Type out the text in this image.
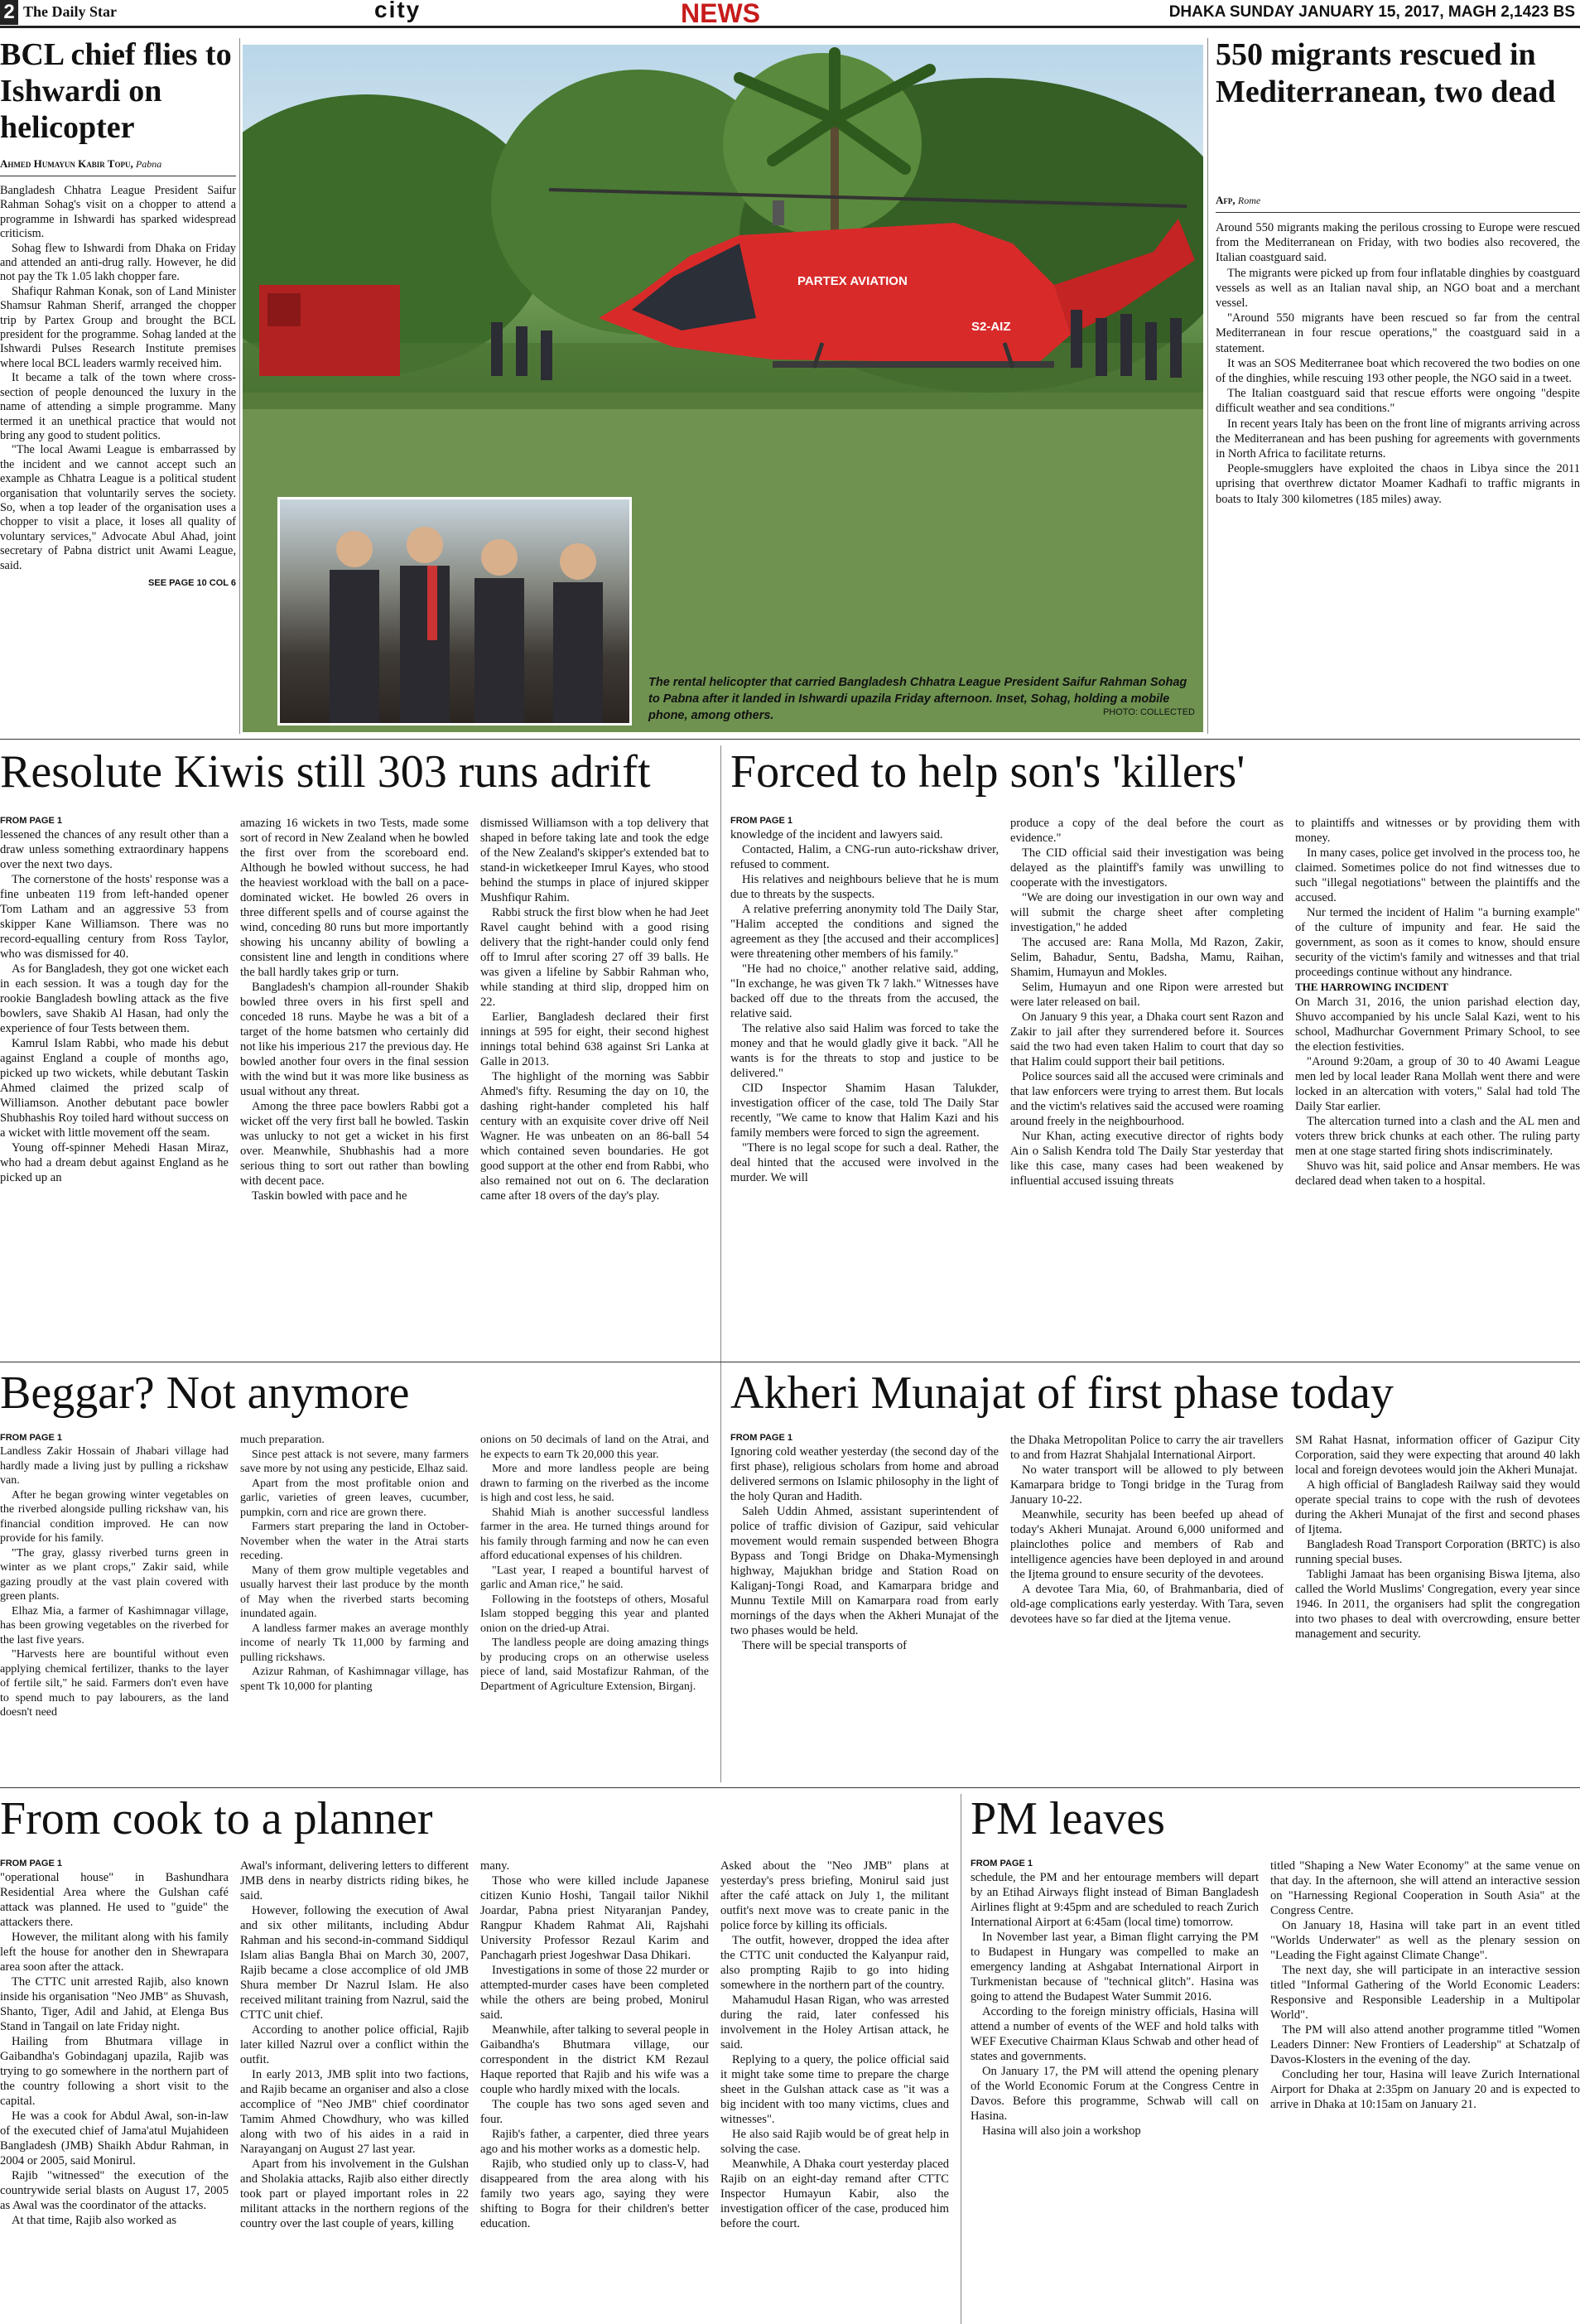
2 The Daily Star	city	NEWS	DHAKA SUNDAY JANUARY 15, 2017, MAGH 2,1423 BS
BCL chief flies to Ishwardi on helicopter
Ahmed Humayun Kabir Topu, Pabna

Bangladesh Chhatra League President Saifur Rahman Sohag's visit on a chopper to attend a programme in Ishwardi has sparked widespread criticism.

Sohag flew to Ishwardi from Dhaka on Friday and attended an anti-drug rally. However, he did not pay the Tk 1.05 lakh chopper fare.

Shafiqur Rahman Konak, son of Land Minister Shamsur Rahman Sherif, arranged the chopper trip by Partex Group and brought the BCL president for the programme. Sohag landed at the Ishwardi Pulses Research Institute premises where local BCL leaders warmly received him.

It became a talk of the town where cross-section of people denounced the luxury in the name of attending a simple programme. Many termed it an unethical practice that would not bring any good to student politics.

"The local Awami League is embarrassed by the incident and we cannot accept such an example as Chhatra League is a political student organisation that voluntarily serves the society. So, when a top leader of the organisation uses a chopper to visit a place, it loses all quality of voluntary services," Advocate Abul Ahad, joint secretary of Pabna district unit Awami League, said.

SEE PAGE 10 COL 6
PARTEX AVIATION
S2-AIZ
The rental helicopter that carried Bangladesh Chhatra League President Saifur Rahman Sohag to Pabna after it landed in Ishwardi upazila Friday afternoon. Inset, Sohag, holding a mobile phone, among others.	PHOTO: COLLECTED
550 migrants rescued in Mediterranean, two dead
Afp, Rome

Around 550 migrants making the perilous crossing to Europe were rescued from the Mediterranean on Friday, with two bodies also recovered, the Italian coastguard said.

The migrants were picked up from four inflatable dinghies by coastguard vessels as well as an Italian naval ship, an NGO boat and a merchant vessel.

"Around 550 migrants have been rescued so far from the central Mediterranean in four rescue operations," the coastguard said in a statement.

It was an SOS Mediterranee boat which recovered the two bodies on one of the dinghies, while rescuing 193 other people, the NGO said in a tweet.

The Italian coastguard said that rescue efforts were ongoing "despite difficult weather and sea conditions."

In recent years Italy has been on the front line of migrants arriving across the Mediterranean and has been pushing for agreements with governments in North Africa to facilitate returns.

People-smugglers have exploited the chaos in Libya since the 2011 uprising that overthrew dictator Moamer Kadhafi to traffic migrants in boats to Italy 300 kilometres (185 miles) away.

Resolute Kiwis still 303 runs adrift
FROM PAGE 1

lessened the chances of any result other than a draw unless something extraordinary happens over the next two days.

The cornerstone of the hosts' response was a fine unbeaten 119 from left-handed opener Tom Latham and an aggressive 53 from skipper Kane Williamson. There was no record-equalling century from Ross Taylor, who was dismissed for 40.

As for Bangladesh, they got one wicket each in each session. It was a tough day for the rookie Bangladesh bowling attack as the five bowlers, save Shakib Al Hasan, had only the experience of four Tests between them.

Kamrul Islam Rabbi, who made his debut against England a couple of months ago, picked up two wickets, while debutant Taskin Ahmed claimed the prized scalp of Williamson. Another debutant pace bowler Shubhashis Roy toiled hard without success on a wicket with little movement off the seam.

Young off-spinner Mehedi Hasan Miraz, who had a dream debut against England as he picked up an

amazing 16 wickets in two Tests, made some sort of record in New Zealand when he bowled the first over from the scoreboard end. Although he bowled without success, he had the heaviest workload with the ball on a pace-dominated wicket. He bowled 26 overs in three different spells and of course against the wind, conceding 80 runs but more importantly showing his uncanny ability of bowling a consistent line and length in conditions where the ball hardly takes grip or turn.

Bangladesh's champion all-rounder Shakib bowled three overs in his first spell and conceded 18 runs. Maybe he was a bit of a target of the home batsmen who certainly did not like his imperious 217 the previous day. He bowled another four overs in the final session with the wind but it was more like business as usual without any threat.

Among the three pace bowlers Rabbi got a wicket off the very first ball he bowled. Taskin was unlucky to not get a wicket in his first over. Meanwhile, Shubhashis had a more serious thing to sort out rather than bowling with decent pace.

Taskin bowled with pace and he

dismissed Williamson with a top delivery that shaped in before taking late and took the edge of the New Zealand's skipper's extended bat to stand-in wicketkeeper Imrul Kayes, who stood behind the stumps in place of injured skipper Mushfiqur Rahim.

Rabbi struck the first blow when he had Jeet Ravel caught behind with a good rising delivery that the right-hander could only fend off to Imrul after scoring 27 off 39 balls. He was given a lifeline by Sabbir Rahman who, while standing at third slip, dropped him on 22.

Earlier, Bangladesh declared their first innings at 595 for eight, their second highest innings total behind 638 against Sri Lanka at Galle in 2013.

The highlight of the morning was Sabbir Ahmed's fifty. Resuming the day on 10, the dashing right-hander completed his half century with an exquisite cover drive off Neil Wagner. He was unbeaten on an 86-ball 54 which contained seven boundaries. He got good support at the other end from Rabbi, who also remained not out on 6. The declaration came after 18 overs of the day's play.

Forced to help son's 'killers'
FROM PAGE 1

knowledge of the incident and lawyers said.

Contacted, Halim, a CNG-run auto-rickshaw driver, refused to comment.

His relatives and neighbours believe that he is mum due to threats by the suspects.

A relative preferring anonymity told The Daily Star, "Halim accepted the conditions and signed the agreement as they [the accused and their accomplices] were threatening other members of his family."

"He had no choice," another relative said, adding, "In exchange, he was given Tk 7 lakh." Witnesses have backed off due to the threats from the accused, the relative said.

The relative also said Halim was forced to take the money and that he would gladly give it back. "All he wants is for the threats to stop and justice to be delivered."

CID Inspector Shamim Hasan Talukder, investigation officer of the case, told The Daily Star recently, "We came to know that Halim Kazi and his family members were forced to sign the agreement.

"There is no legal scope for such a deal. Rather, the deal hinted that the accused were involved in the murder. We will

produce a copy of the deal before the court as evidence."

The CID official said their investigation was being delayed as the plaintiff's family was unwilling to cooperate with the investigators.

"We are doing our investigation in our own way and will submit the charge sheet after completing investigation," he added

The accused are: Rana Molla, Md Razon, Zakir, Selim, Bahadur, Sentu, Badsha, Mamu, Raihan, Shamim, Humayun and Mokles.

Selim, Humayun and one Ripon were arrested but were later released on bail.

On January 9 this year, a Dhaka court sent Razon and Zakir to jail after they surrendered before it. Sources said the two had even taken Halim to court that day so that Halim could support their bail petitions.

Police sources said all the accused were criminals and that law enforcers were trying to arrest them. But locals and the victim's relatives said the accused were roaming around freely in the neighbourhood.

Nur Khan, acting executive director of rights body Ain o Salish Kendra told The Daily Star yesterday that like this case, many cases had been weakened by influential accused issuing threats

to plaintiffs and witnesses or by providing them with money.

In many cases, police get involved in the process too, he claimed. Sometimes police do not find witnesses due to such "illegal negotiations" between the plaintiffs and the accused.

Nur termed the incident of Halim "a burning example" of the culture of impunity and fear. He said the government, as soon as it comes to know, should ensure security of the victim's family and witnesses and that trial proceedings continue without any hindrance.

THE HARROWING INCIDENT

On March 31, 2016, the union parishad election day, Shuvo accompanied by his uncle Salal Kazi, went to his school, Madhurchar Government Primary School, to see the election festivities.

"Around 9:20am, a group of 30 to 40 Awami League men led by local leader Rana Mollah went there and were locked in an altercation with voters," Salal had told The Daily Star earlier.

The altercation turned into a clash and the AL men and voters threw brick chunks at each other. The ruling party men at one stage started firing shots indiscriminately.

Shuvo was hit, said police and Ansar members. He was declared dead when taken to a hospital.

Beggar? Not anymore
FROM PAGE 1

Landless Zakir Hossain of Jhabari village had hardly made a living just by pulling a rickshaw van.

After he began growing winter vegetables on the riverbed alongside pulling rickshaw van, his financial condition improved. He can now provide for his family.

"The gray, glassy riverbed turns green in winter as we plant crops," Zakir said, while gazing proudly at the vast plain covered with green plants.

Elhaz Mia, a farmer of Kashimnagar village, has been growing vegetables on the riverbed for the last five years.

"Harvests here are bountiful without even applying chemical fertilizer, thanks to the layer of fertile silt," he said. Farmers don't even have to spend much to pay labourers, as the land doesn't need

much preparation.

Since pest attack is not severe, many farmers save more by not using any pesticide, Elhaz said.

Apart from the most profitable onion and garlic, varieties of green leaves, cucumber, pumpkin, corn and rice are grown there.

Farmers start preparing the land in October-November when the water in the Atrai starts receding.

Many of them grow multiple vegetables and usually harvest their last produce by the month of May when the riverbed starts becoming inundated again.

A landless farmer makes an average monthly income of nearly Tk 11,000 by farming and pulling rickshaws.

Azizur Rahman, of Kashimnagar village, has spent Tk 10,000 for planting

onions on 50 decimals of land on the Atrai, and he expects to earn Tk 20,000 this year.

More and more landless people are being drawn to farming on the riverbed as the income is high and cost less, he said.

Shahid Miah is another successful landless farmer in the area. He turned things around for his family through farming and now he can even afford educational expenses of his children.

"Last year, I reaped a bountiful harvest of garlic and Aman rice," he said.

Following in the footsteps of others, Mosaful Islam stopped begging this year and planted onion on the dried-up Atrai.

The landless people are doing amazing things by producing crops on an otherwise useless piece of land, said Mostafizur Rahman, of the Department of Agriculture Extension, Birganj.

Akheri Munajat of first phase today
FROM PAGE 1

Ignoring cold weather yesterday (the second day of the first phase), religious scholars from home and abroad delivered sermons on Islamic philosophy in the light of the holy Quran and Hadith.

Saleh Uddin Ahmed, assistant superintendent of police of traffic division of Gazipur, said vehicular movement would remain suspended between Bhogra Bypass and Tongi Bridge on Dhaka-Mymensingh highway, Majukhan bridge and Station Road on Kaliganj-Tongi Road, and Kamarpara bridge and Munnu Textile Mill on Kamarpara road from early mornings of the days when the Akheri Munajat of the two phases would be held.

There will be special transports of

the Dhaka Metropolitan Police to carry the air travellers to and from Hazrat Shahjalal International Airport.

No water transport will be allowed to ply between Kamarpara bridge to Tongi bridge in the Turag from January 10-22.

Meanwhile, security has been beefed up ahead of today's Akheri Munajat. Around 6,000 uniformed and plainclothes police and members of Rab and intelligence agencies have been deployed in and around the Ijtema ground to ensure security of the devotees.

A devotee Tara Mia, 60, of Brahmanbaria, died of old-age complications early yesterday. With Tara, seven devotees have so far died at the Ijtema venue.

SM Rahat Hasnat, information officer of Gazipur City Corporation, said they were expecting that around 40 lakh local and foreign devotees would join the Akheri Munajat.

A high official of Bangladesh Railway said they would operate special trains to cope with the rush of devotees during the Akheri Munajat of the first and second phases of Ijtema.

Bangladesh Road Transport Corporation (BRTC) is also running special buses.

Tablighi Jamaat has been organising Biswa Ijtema, also called the World Muslims' Congregation, every year since 1946. In 2011, the organisers had split the congregation into two phases to deal with overcrowding, ensure better management and security.

From cook to a planner
FROM PAGE 1

"operational house" in Bashundhara Residential Area where the Gulshan café attack was planned. He used to "guide" the attackers there.

However, the militant along with his family left the house for another den in Shewrapara area soon after the attack.

The CTTC unit arrested Rajib, also known inside his organisation "Neo JMB" as Shuvash, Shanto, Tiger, Adil and Jahid, at Elenga Bus Stand in Tangail on late Friday night.

Hailing from Bhutmara village in Gaibandha's Gobindaganj upazila, Rajib was trying to go somewhere in the northern part of the country following a short visit to the capital.

He was a cook for Abdul Awal, son-in-law of the executed chief of Jama'atul Mujahideen Bangladesh (JMB) Shaikh Abdur Rahman, in 2004 or 2005, said Monirul.

Rajib "witnessed" the execution of the countrywide serial blasts on August 17, 2005 as Awal was the coordinator of the attacks.

At that time, Rajib also worked as

Awal's informant, delivering letters to different JMB dens in nearby districts riding bikes, he said.

However, following the execution of Awal and six other militants, including Abdur Rahman and his second-in-command Siddiqul Islam alias Bangla Bhai on March 30, 2007, Rajib became a close accomplice of old JMB Shura member Dr Nazrul Islam. He also received militant training from Nazrul, said the CTTC unit chief.

According to another police official, Rajib later killed Nazrul over a conflict within the outfit.

In early 2013, JMB split into two factions, and Rajib became an organiser and also a close accomplice of "Neo JMB" chief coordinator Tamim Ahmed Chowdhury, who was killed along with two of his aides in a raid in Narayanganj on August 27 last year.

Apart from his involvement in the Gulshan and Sholakia attacks, Rajib also either directly took part or played important roles in 22 militant attacks in the northern regions of the country over the last couple of years, killing

many.

Those who were killed include Japanese citizen Kunio Hoshi, Tangail tailor Nikhil Joardar, Pabna priest Nityaranjan Pandey, Rangpur Khadem Rahmat Ali, Rajshahi University Professor Rezaul Karim and Panchagarh priest Jogeshwar Dasa Dhikari.

Investigations in some of those 22 murder or attempted-murder cases have been completed while the others are being probed, Monirul said.

Meanwhile, after talking to several people in Gaibandha's Bhutmara village, our correspondent in the district KM Rezaul Haque reported that Rajib and his wife was a couple who hardly mixed with the locals.

The couple has two sons aged seven and four.

Rajib's father, a carpenter, died three years ago and his mother works as a domestic help.

Rajib, who studied only up to class-V, had disappeared from the area along with his family two years ago, saying they were shifting to Bogra for their children's better education.

Asked about the "Neo JMB" plans at yesterday's press briefing, Monirul said just after the café attack on July 1, the militant outfit's next move was to create panic in the police force by killing its officials.

The outfit, however, dropped the idea after the CTTC unit conducted the Kalyanpur raid, also prompting Rajib to go into hiding somewhere in the northern part of the country.

Mahamudul Hasan Rigan, who was arrested during the raid, later confessed his involvement in the Holey Artisan attack, he said.

Replying to a query, the police official said it might take some time to prepare the charge sheet in the Gulshan attack case as "it was a big incident with too many victims, clues and witnesses".

He also said Rajib would be of great help in solving the case.

Meanwhile, A Dhaka court yesterday placed Rajib on an eight-day remand after CTTC Inspector Humayun Kabir, also the investigation officer of the case, produced him before the court.

PM leaves
FROM PAGE 1

schedule, the PM and her entourage members will depart by an Etihad Airways flight instead of Biman Bangladesh Airlines flight at 9:45pm and are scheduled to reach Zurich International Airport at 6:45am (local time) tomorrow.

In November last year, a Biman flight carrying the PM to Budapest in Hungary was compelled to make an emergency landing at Ashgabat International Airport in Turkmenistan because of "technical glitch". Hasina was going to attend the Budapest Water Summit 2016.

According to the foreign ministry officials, Hasina will attend a number of events of the WEF and hold talks with WEF Executive Chairman Klaus Schwab and other head of states and governments.

On January 17, the PM will attend the opening plenary of the World Economic Forum at the Congress Centre in Davos. Before this programme, Schwab will call on Hasina.

Hasina will also join a workshop

titled "Shaping a New Water Economy" at the same venue on that day. In the afternoon, she will attend an interactive session on "Harnessing Regional Cooperation in South Asia" at the Congress Centre.

On January 18, Hasina will take part in an event titled "Worlds Underwater" as well as the plenary session on "Leading the Fight against Climate Change".

The next day, she will participate in an interactive session titled "Informal Gathering of the World Economic Leaders: Responsive and Responsible Leadership in a Multipolar World".

The PM will also attend another programme titled "Women Leaders Dinner: New Frontiers of Leadership" at Schatzalp of Davos-Klosters in the evening of the day.

Concluding her tour, Hasina will leave Zurich International Airport for Dhaka at 2:35pm on January 20 and is expected to arrive in Dhaka at 10:15am on January 21.
